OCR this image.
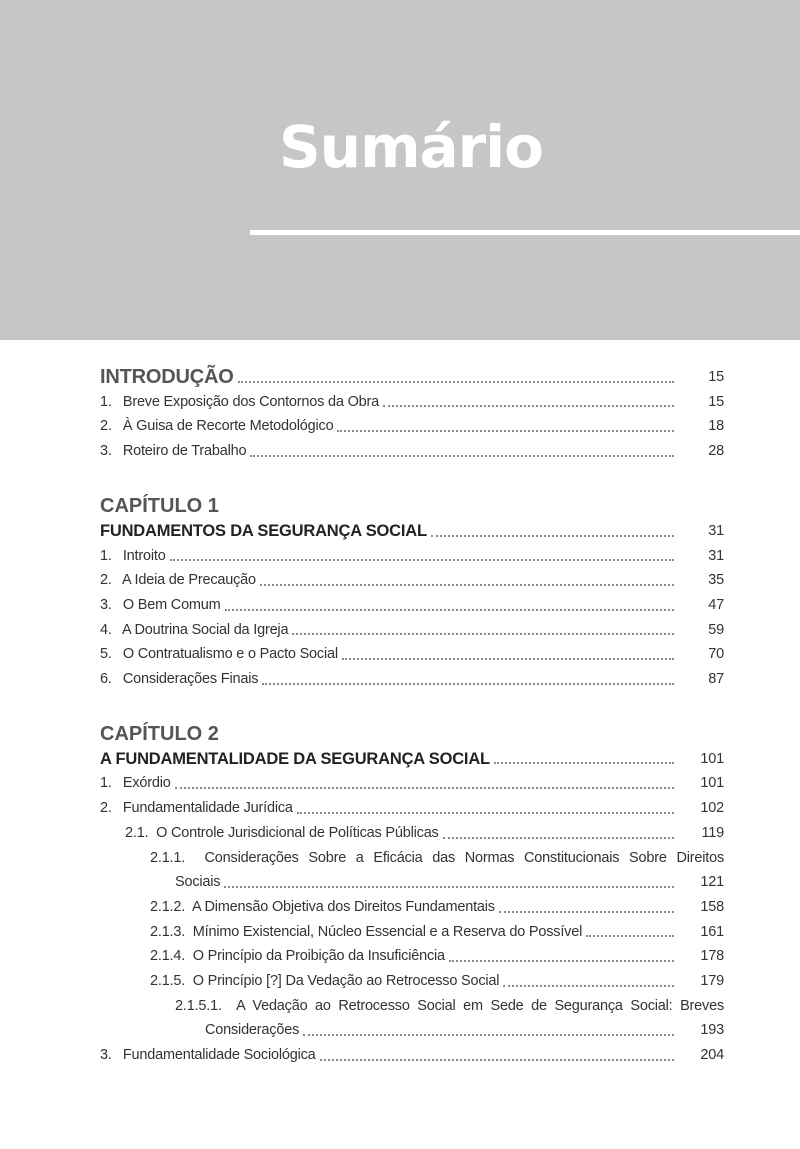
Sumário
INTRODUÇÃO	15
1. Breve Exposição dos Contornos da Obra	15
2. À Guisa de Recorte Metodológico	18
3. Roteiro de Trabalho	28
CAPÍTULO 1
FUNDAMENTOS DA SEGURANÇA SOCIAL	31
1. Introito	31
2. A Ideia de Precaução	35
3. O Bem Comum	47
4. A Doutrina Social da Igreja	59
5. O Contratualismo e o Pacto Social	70
6. Considerações Finais	87
CAPÍTULO 2
A FUNDAMENTALIDADE DA SEGURANÇA SOCIAL	101
1. Exórdio	101
2. Fundamentalidade Jurídica	102
2.1. O Controle Jurisdicional de Políticas Públicas	119
2.1.1. Considerações Sobre a Eficácia das Normas Constitucionais Sobre Direitos
Sociais	121
2.1.2. A Dimensão Objetiva dos Direitos Fundamentais	158
2.1.3. Mínimo Existencial, Núcleo Essencial e a Reserva do Possível	161
2.1.4. O Princípio da Proibição da Insuficiência	178
2.1.5. O Princípio [?] Da Vedação ao Retrocesso Social	179
2.1.5.1. A Vedação ao Retrocesso Social em Sede de Segurança Social: Breves
Considerações	193
3. Fundamentalidade Sociológica	204
